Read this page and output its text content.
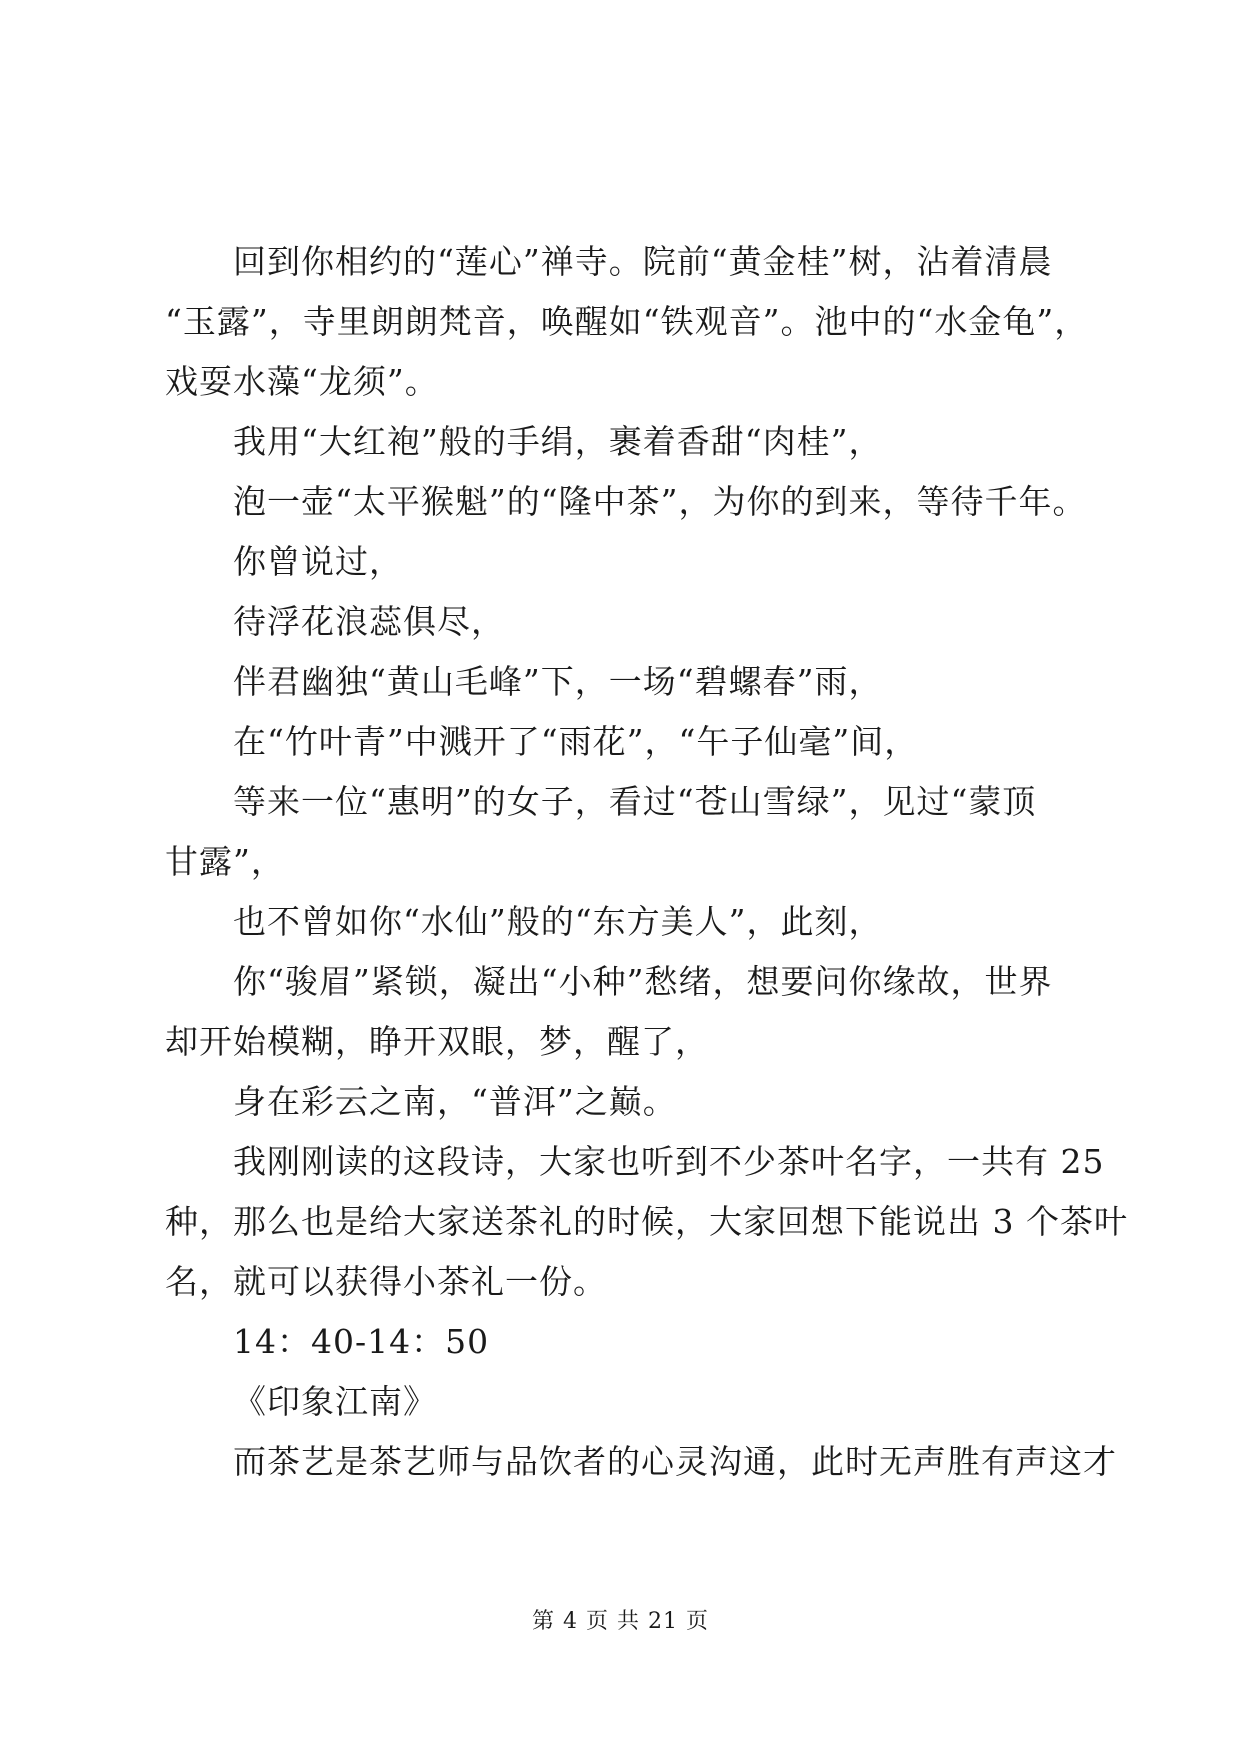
回到你相约的“莲心”禅寺。院前“黄金桂”树，沾着清晨

“玉露”，寺里朗朗梵音，唤醒如“铁观音”。池中的“水金龟”，

戏耍水藻“龙须”。

我用“大红袍”般的手绢，裹着香甜“肉桂”，

泡一壶“太平猴魁”的“隆中茶”，为你的到来，等待千年。

你曾说过，

待浮花浪蕊俱尽，

伴君幽独“黄山毛峰”下，一场“碧螺春”雨，

在“竹叶青”中溅开了“雨花”，“午子仙毫”间，

等来一位“惠明”的女子，看过“苍山雪绿”，见过“蒙顶

甘露”，

也不曾如你“水仙”般的“东方美人”，此刻，

你“骏眉”紧锁，凝出“小种”愁绪，想要问你缘故，世界

却开始模糊，睁开双眼，梦，醒了，

身在彩云之南，“普洱”之巅。

我刚刚读的这段诗，大家也听到不少茶叶名字，一共有 25

种，那么也是给大家送茶礼的时候，大家回想下能说出 3 个茶叶

名，就可以获得小茶礼一份。

14：40-14：50

《印象江南》

而茶艺是茶艺师与品饮者的心灵沟通，此时无声胜有声这才

第 4 页 共 21 页
